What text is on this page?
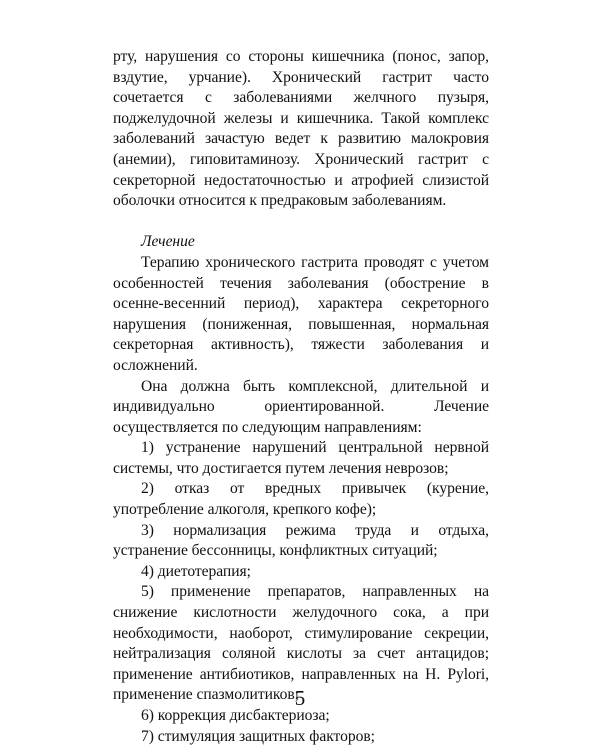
рту, нарушения со стороны кишечника (понос, запор, вздутие, урчание). Хронический гастрит часто сочетается с заболеваниями желчного пузыря, поджелудочной железы и кишечника. Такой комплекс заболеваний зачастую ведет к развитию малокровия (анемии), гиповитаминозу. Хронический гастрит с секреторной недостаточностью и атрофией слизистой оболочки относится к предраковым заболеваниям.

Лечение

Терапию хронического гастрита проводят с учетом особенностей течения заболевания (обострение в осенне-весенний период), характера секреторного нарушения (пониженная, повышенная, нормальная секреторная активность), тяжести заболевания и осложнений.

Она должна быть комплексной, длительной и индивидуально ориентированной. Лечение осуществляется по следующим направлениям:

1) устранение нарушений центральной нервной системы, что достигается путем лечения неврозов;

2) отказ от вредных привычек (курение, употребление алкоголя, крепкого кофе);

3) нормализация режима труда и отдыха, устранение бессонницы, конфликтных ситуаций;

4) диетотерапия;

5) применение препаратов, направленных на снижение кислотности желудочного сока, а при необходимости, наоборот, стимулирование секреции, нейтрализация соляной кислоты за счет антацидов; применение антибиотиков, направленных на H. Pylori, применение спазмолитиков;

6) коррекция дисбактериоза;

7) стимуляция защитных факторов;

5
